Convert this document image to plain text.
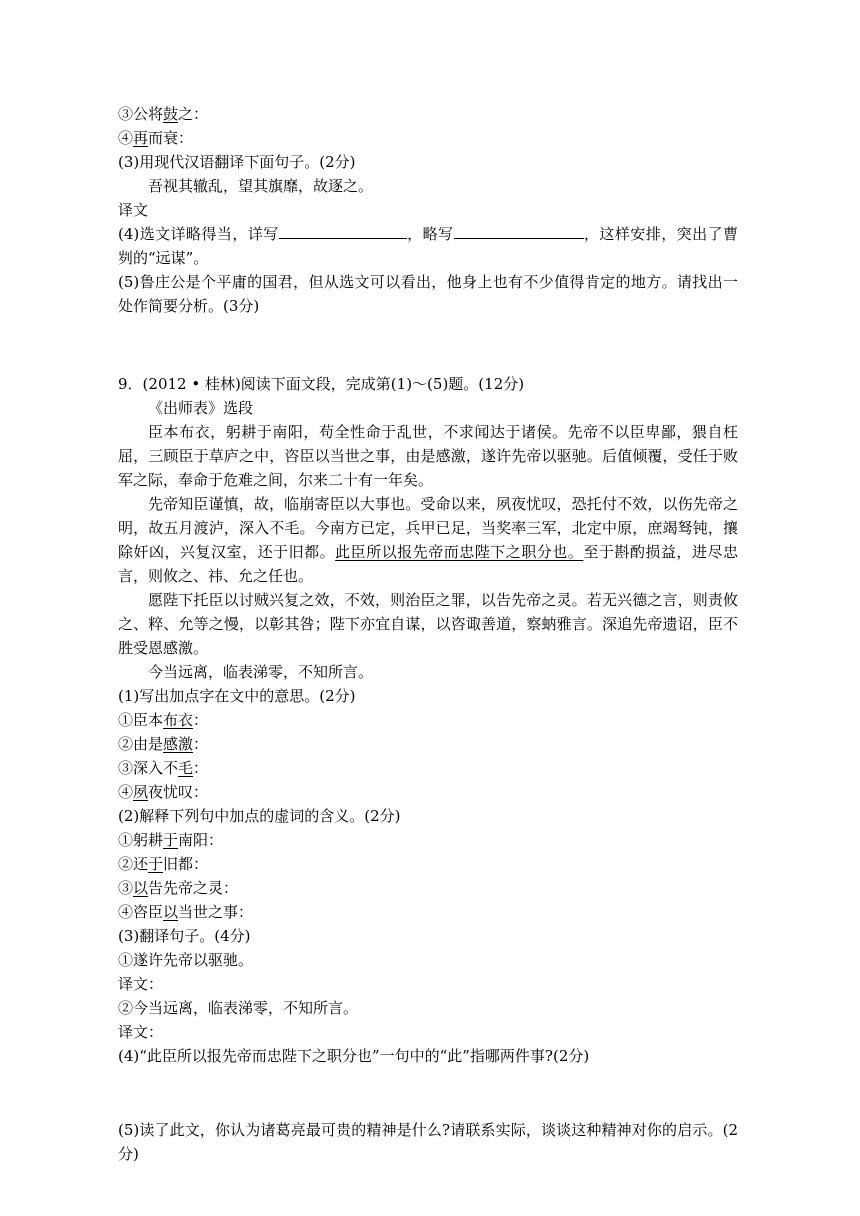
③公将鼓之：
④再而衰：
(3)用现代汉语翻译下面句子。(2分)
吾视其辙乱，望其旗靡，故逐之。
译文
(4)选文详略得当，详写	，略写	，这样安排，突出了曹刿的“远谋”。
(5)鲁庄公是个平庸的国君，但从选文可以看出，他身上也有不少值得肯定的地方。请找出一处作简要分析。(3分)
9．(2012 • 桂林)阅读下面文段，完成第(1)～(5)题。(12分)
《出师表》选段
臣本布衣，躬耕于南阳，苟全性命于乱世，不求闻达于诸侯。先帝不以臣卑鄙，猥自枉屈，三顾臣于草庐之中，咨臣以当世之事，由是感激，遂许先帝以驱驰。后值倾覆，受任于败军之际，奉命于危难之间，尔来二十有一年矣。
先帝知臣谨慎，故，临崩寄臣以大事也。受命以来，夙夜忧叹，恐托付不效，以伤先帝之明，故五月渡泸，深入不毛。今南方已定，兵甲已足，当奖率三军，北定中原，庶竭驽钝，攘除奸凶，兴复汉室，还于旧都。此臣所以报先帝而忠陛下之职分也。至于斟酌损益，进尽忠言，则攸之、祎、允之任也。
愿陛下托臣以讨贼兴复之效，不效，则治臣之罪，以告先帝之灵。若无兴德之言，则责攸之、粹、允等之慢，以彰其咎；陛下亦宜自谋，以咨诹善道，察蚋雅言。深追先帝遗诏，臣不胜受恩感激。
今当远离，临表涕零，不知所言。
(1)写出加点字在文中的意思。(2分)
①臣本布衣：
②由是感激：
③深入不毛：
④夙夜忧叹：
(2)解释下列句中加点的虚词的含义。(2分)
①躬耕于南阳：
②还于旧都：
③以告先帝之灵：
④咨臣以当世之事：
(3)翻译句子。(4分)
①遂许先帝以驱驰。
译文：
②今当远离，临表涕零，不知所言。
译文：
(4)“此臣所以报先帝而忠陛下之职分也”一句中的“此”指哪两件事?(2分)
(5)读了此文，你认为诸葛亮最可贵的精神是什么?请联系实际，谈谈这种精神对你的启示。(2分)
